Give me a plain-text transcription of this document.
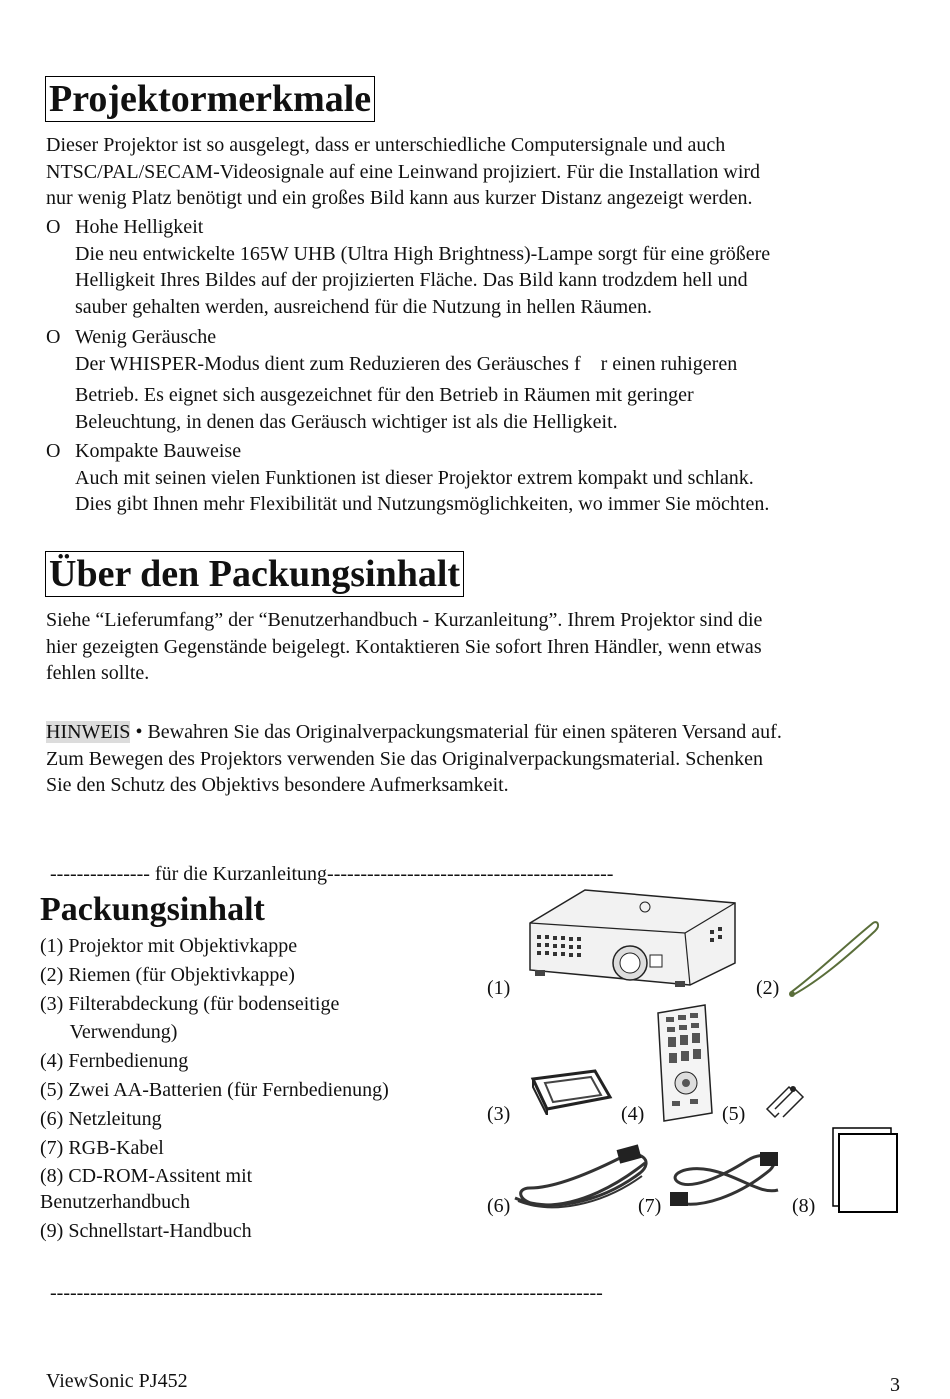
Projektormerkmale
Dieser Projektor ist so ausgelegt, dass er unterschiedliche Computersignale und auch
NTSC/PAL/SECAM-Videosignale auf eine Leinwand projiziert. Für die Installation wird
nur wenig Platz benötigt und ein großes Bild kann aus kurzer Distanz angezeigt werden.
O Hohe Helligkeit
Die neu entwickelte 165W UHB (Ultra High Brightness)-Lampe sorgt für eine größere
Helligkeit Ihres Bildes auf der projizierten Fläche. Das Bild kann trodzdem hell und
sauber gehalten werden, ausreichend für die Nutzung in hellen Räumen.
O Wenig Geräusche
Der WHISPER-Modus dient zum Reduzieren des Geräusches f    r einen ruhigeren
Betrieb. Es eignet sich ausgezeichnet für den Betrieb in Räumen mit geringer
Beleuchtung, in denen das Geräusch wichtiger ist als die Helligkeit.
O Kompakte Bauweise
Auch mit seinen vielen Funktionen ist dieser Projektor extrem kompakt und schlank.
Dies gibt Ihnen mehr Flexibilität und Nutzungsmöglichkeiten, wo immer Sie möchten.
Über den Packungsinhalt
Siehe “Lieferumfang” der “Benutzerhandbuch - Kurzanleitung”. Ihrem Projektor sind die
hier gezeigten Gegenstände beigelegt. Kontaktieren Sie sofort Ihren Händler, wenn etwas
fehlen sollte.
HINWEIS • Bewahren Sie das Originalverpackungsmaterial für einen späteren Versand auf.
Zum Bewegen des Projektors verwenden Sie das Originalverpackungsmaterial. Schenken
Sie den Schutz des Objektivs besondere Aufmerksamkeit.
--------------- für die Kurzanleitung-------------------------------------------
Packungsinhalt
(1) Projektor mit Objektivkappe
(2) Riemen (für Objektivkappe)
(3) Filterabdeckung (für bodenseitige
Verwendung)
(4) Fernbedienung
(5) Zwei AA-Batterien (für Fernbedienung)
(6) Netzleitung
(7) RGB-Kabel
(8) CD-ROM-Assitent mit
Benutzerhandbuch
(9) Schnellstart-Handbuch
(1)	(2)
(3)	(4)	(5)
(6)	(7)	(8)
-----------------------------------------------------------------------------------
ViewSonic PJ452	3
